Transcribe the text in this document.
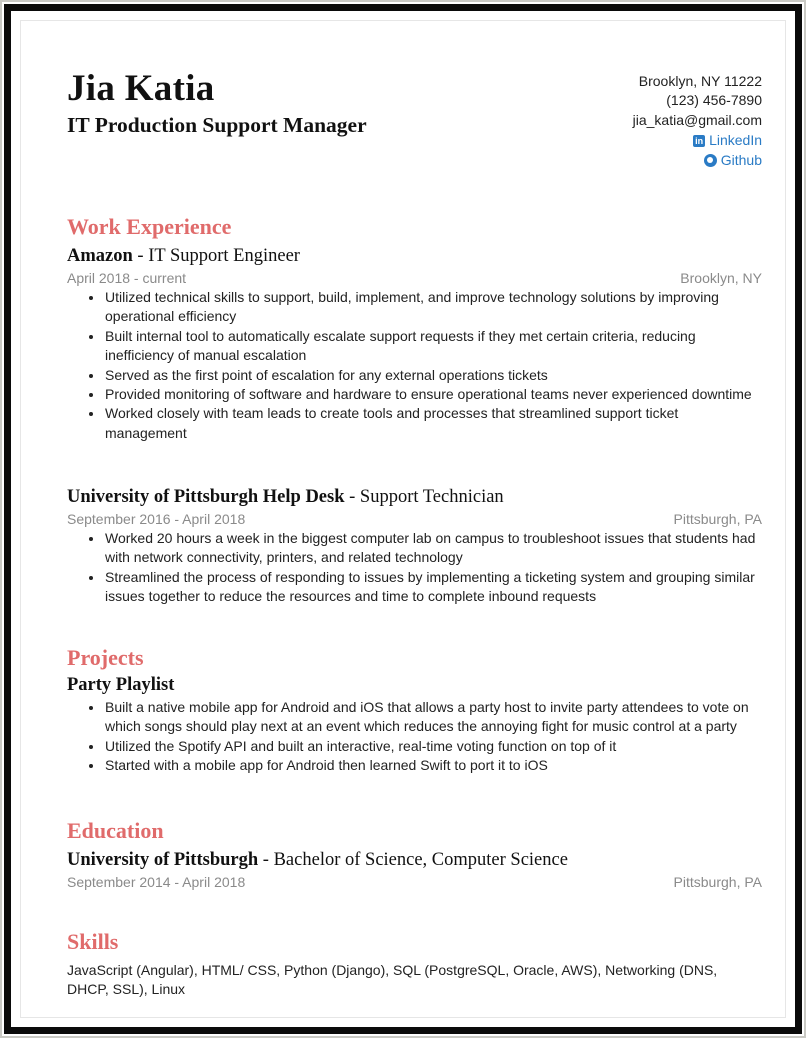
Jia Katia
IT Production Support Manager
Brooklyn, NY 11222
(123) 456-7890
jia_katia@gmail.com
in LinkedIn
Github
Work Experience
Amazon - IT Support Engineer
April 2018 - current	Brooklyn, NY
Utilized technical skills to support, build, implement, and improve technology solutions by improving operational efficiency
Built internal tool to automatically escalate support requests if they met certain criteria, reducing inefficiency of manual escalation
Served as the first point of escalation for any external operations tickets
Provided monitoring of software and hardware to ensure operational teams never experienced downtime
Worked closely with team leads to create tools and processes that streamlined support ticket management
University of Pittsburgh Help Desk - Support Technician
September 2016 - April 2018	Pittsburgh, PA
Worked 20 hours a week in the biggest computer lab on campus to troubleshoot issues that students had with network connectivity, printers, and related technology
Streamlined the process of responding to issues by implementing a ticketing system and grouping similar issues together to reduce the resources and time to complete inbound requests
Projects
Party Playlist
Built a native mobile app for Android and iOS that allows a party host to invite party attendees to vote on which songs should play next at an event which reduces the annoying fight for music control at a party
Utilized the Spotify API and built an interactive, real-time voting function on top of it
Started with a mobile app for Android then learned Swift to port it to iOS
Education
University of Pittsburgh - Bachelor of Science, Computer Science
September 2014 - April 2018	Pittsburgh, PA
Skills
JavaScript (Angular), HTML/ CSS, Python (Django), SQL (PostgreSQL, Oracle, AWS), Networking (DNS, DHCP, SSL), Linux
